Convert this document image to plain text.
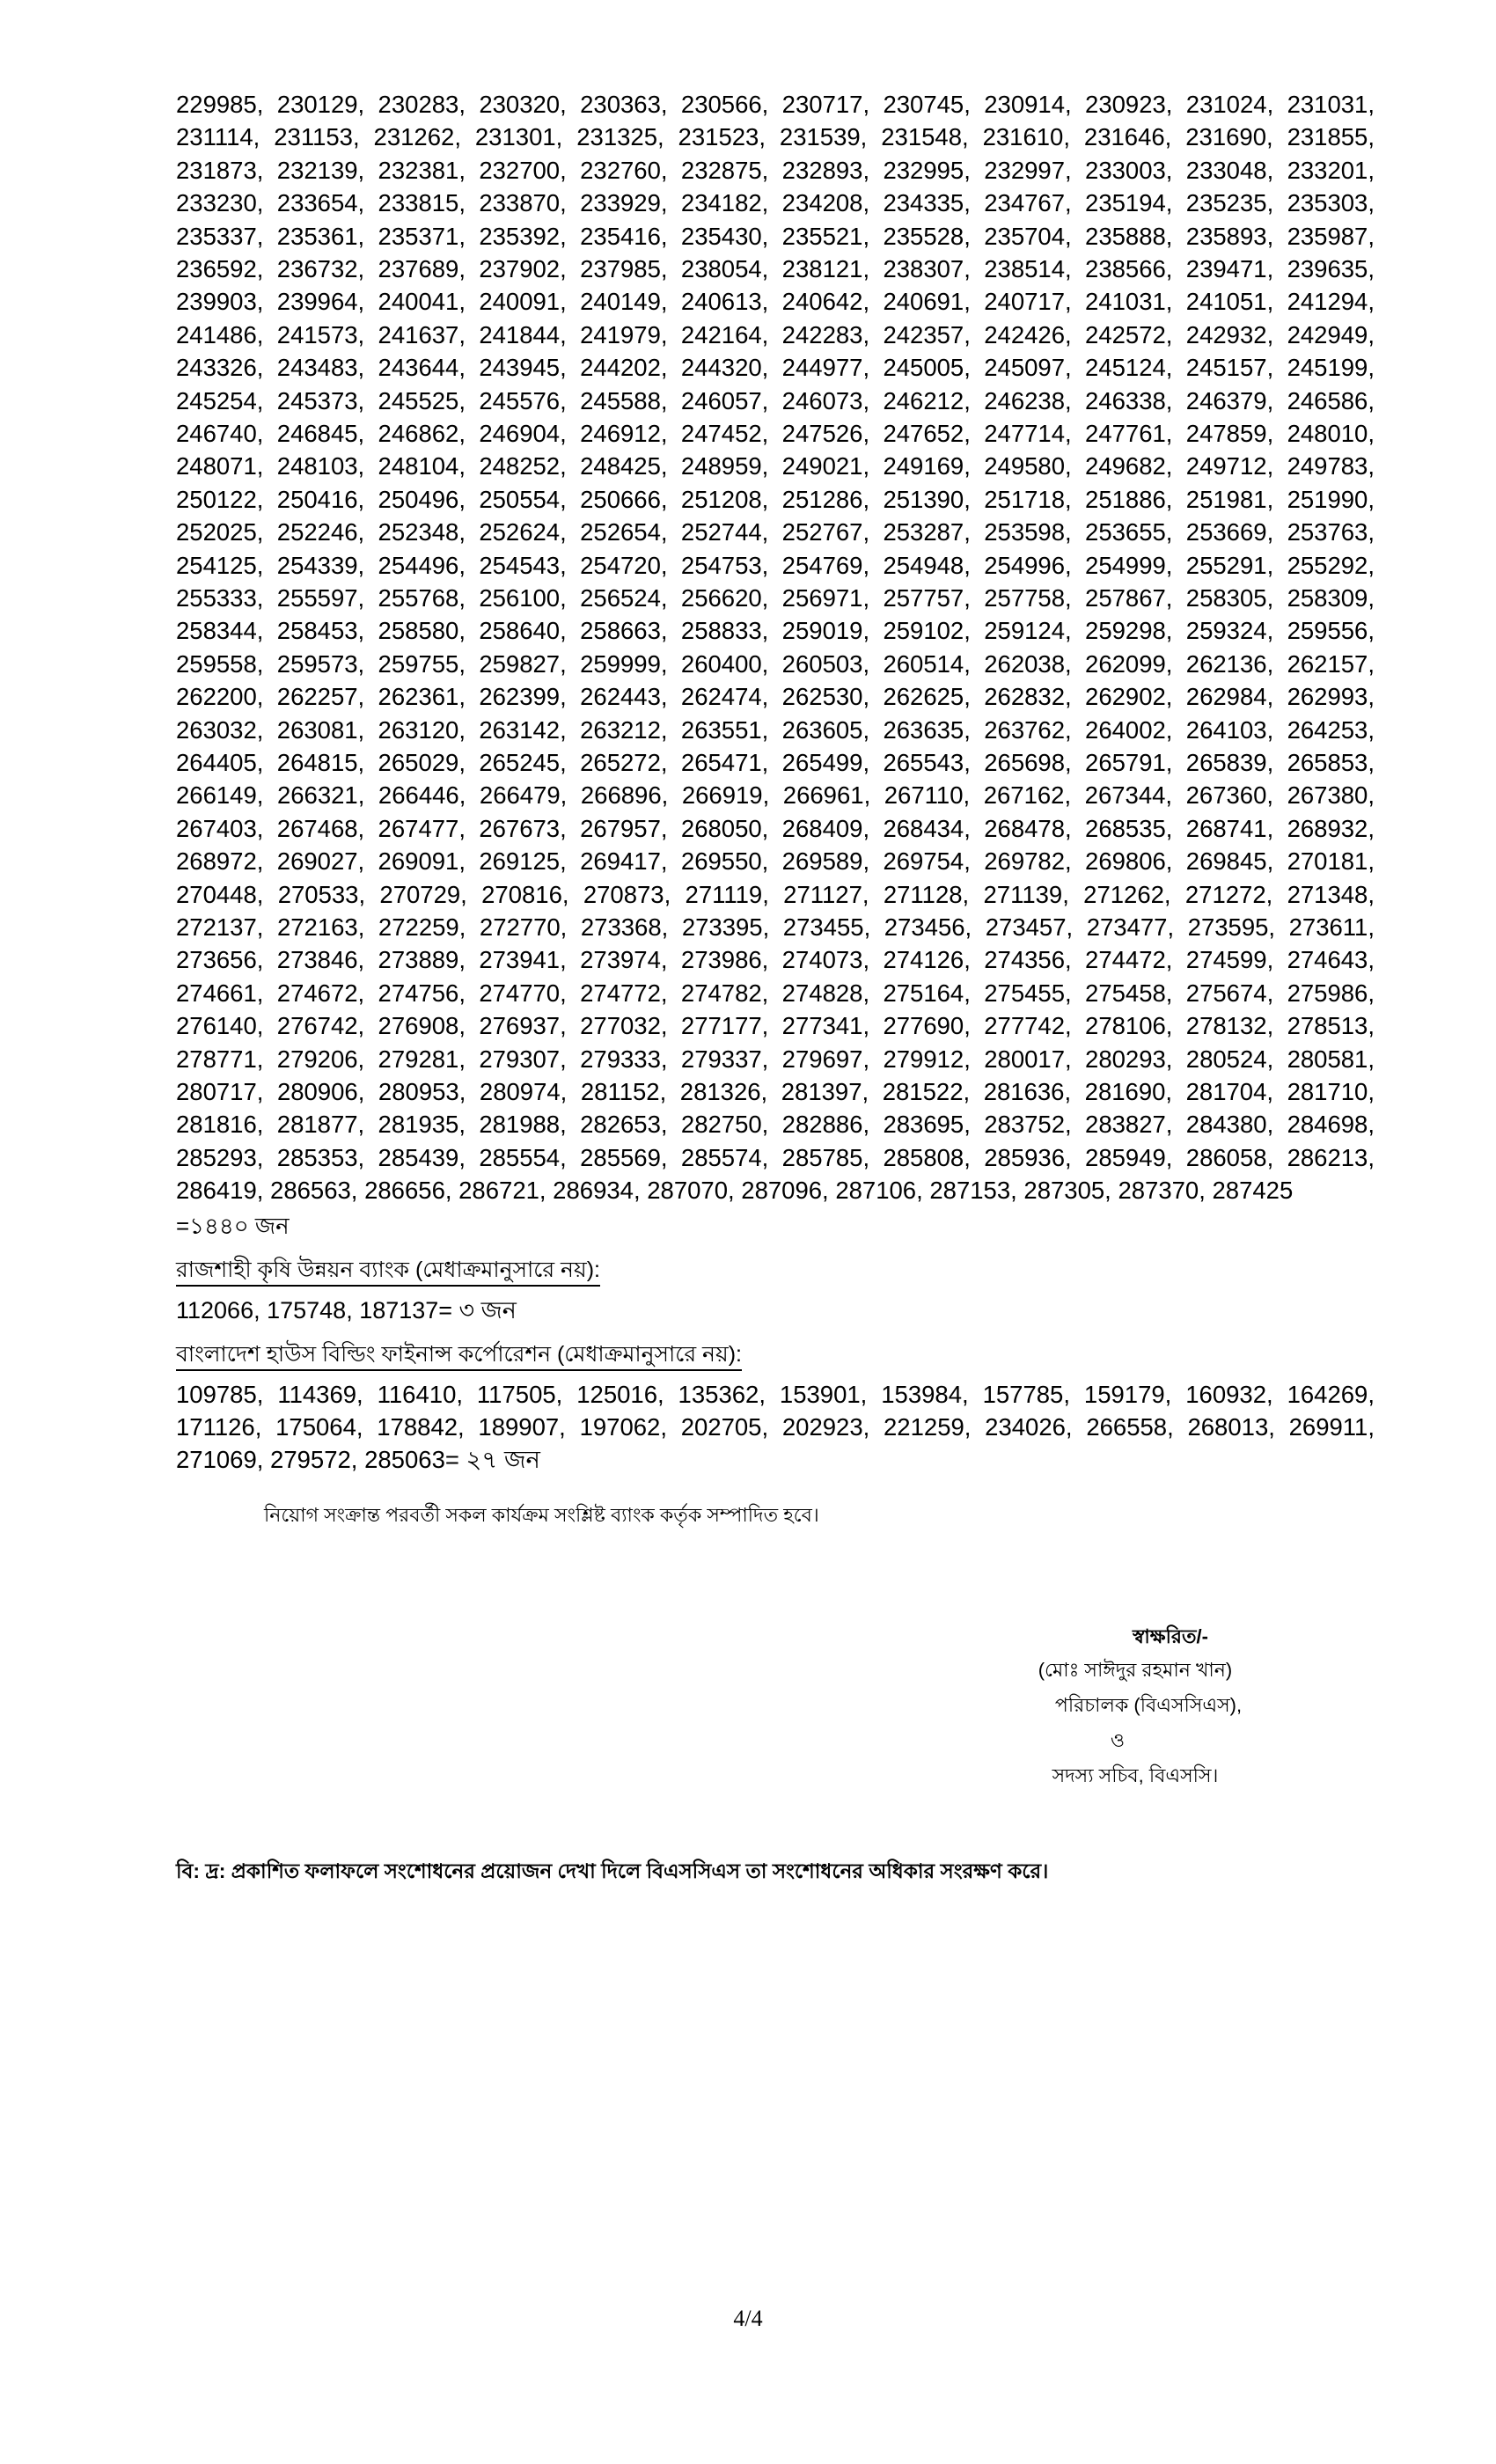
229985, 230129, 230283, 230320, 230363, 230566, 230717, 230745, 230914, 230923, 231024, 231031,
231114, 231153, 231262, 231301, 231325, 231523, 231539, 231548, 231610, 231646, 231690, 231855,
231873, 232139, 232381, 232700, 232760, 232875, 232893, 232995, 232997, 233003, 233048, 233201,
233230, 233654, 233815, 233870, 233929, 234182, 234208, 234335, 234767, 235194, 235235, 235303,
235337, 235361, 235371, 235392, 235416, 235430, 235521, 235528, 235704, 235888, 235893, 235987,
236592, 236732, 237689, 237902, 237985, 238054, 238121, 238307, 238514, 238566, 239471, 239635,
239903, 239964, 240041, 240091, 240149, 240613, 240642, 240691, 240717, 241031, 241051, 241294,
241486, 241573, 241637, 241844, 241979, 242164, 242283, 242357, 242426, 242572, 242932, 242949,
243326, 243483, 243644, 243945, 244202, 244320, 244977, 245005, 245097, 245124, 245157, 245199,
245254, 245373, 245525, 245576, 245588, 246057, 246073, 246212, 246238, 246338, 246379, 246586,
246740, 246845, 246862, 246904, 246912, 247452, 247526, 247652, 247714, 247761, 247859, 248010,
248071, 248103, 248104, 248252, 248425, 248959, 249021, 249169, 249580, 249682, 249712, 249783,
250122, 250416, 250496, 250554, 250666, 251208, 251286, 251390, 251718, 251886, 251981, 251990,
252025, 252246, 252348, 252624, 252654, 252744, 252767, 253287, 253598, 253655, 253669, 253763,
254125, 254339, 254496, 254543, 254720, 254753, 254769, 254948, 254996, 254999, 255291, 255292,
255333, 255597, 255768, 256100, 256524, 256620, 256971, 257757, 257758, 257867, 258305, 258309,
258344, 258453, 258580, 258640, 258663, 258833, 259019, 259102, 259124, 259298, 259324, 259556,
259558, 259573, 259755, 259827, 259999, 260400, 260503, 260514, 262038, 262099, 262136, 262157,
262200, 262257, 262361, 262399, 262443, 262474, 262530, 262625, 262832, 262902, 262984, 262993,
263032, 263081, 263120, 263142, 263212, 263551, 263605, 263635, 263762, 264002, 264103, 264253,
264405, 264815, 265029, 265245, 265272, 265471, 265499, 265543, 265698, 265791, 265839, 265853,
266149, 266321, 266446, 266479, 266896, 266919, 266961, 267110, 267162, 267344, 267360, 267380,
267403, 267468, 267477, 267673, 267957, 268050, 268409, 268434, 268478, 268535, 268741, 268932,
268972, 269027, 269091, 269125, 269417, 269550, 269589, 269754, 269782, 269806, 269845, 270181,
270448, 270533, 270729, 270816, 270873, 271119, 271127, 271128, 271139, 271262, 271272, 271348,
272137, 272163, 272259, 272770, 273368, 273395, 273455, 273456, 273457, 273477, 273595, 273611,
273656, 273846, 273889, 273941, 273974, 273986, 274073, 274126, 274356, 274472, 274599, 274643,
274661, 274672, 274756, 274770, 274772, 274782, 274828, 275164, 275455, 275458, 275674, 275986,
276140, 276742, 276908, 276937, 277032, 277177, 277341, 277690, 277742, 278106, 278132, 278513,
278771, 279206, 279281, 279307, 279333, 279337, 279697, 279912, 280017, 280293, 280524, 280581,
280717, 280906, 280953, 280974, 281152, 281326, 281397, 281522, 281636, 281690, 281704, 281710,
281816, 281877, 281935, 281988, 282653, 282750, 282886, 283695, 283752, 283827, 284380, 284698,
285293, 285353, 285439, 285554, 285569, 285574, 285785, 285808, 285936, 285949, 286058, 286213,
286419, 286563, 286656, 286721, 286934, 287070, 287096, 287106, 287153, 287305, 287370, 287425
=১৪৪০ জন
রাজশাহী কৃষি উন্নয়ন ব্যাংক (মেধাক্রমানুসারে নয়):
112066, 175748, 187137= ৩ জন
বাংলাদেশ হাউস বিল্ডিং ফাইনান্স কর্পোরেশন (মেধাক্রমানুসারে নয়):
109785, 114369, 116410, 117505, 125016, 135362, 153901, 153984, 157785, 159179, 160932, 164269,
171126, 175064, 178842, 189907, 197062, 202705, 202923, 221259, 234026, 266558, 268013, 269911,
271069, 279572, 285063= ২৭ জন
নিয়োগ সংক্রান্ত পরবর্তী সকল কার্যক্রম সংশ্লিষ্ট ব্যাংক কর্তৃক সম্পাদিত হবে।
স্বাক্ষরিত/-
(মোঃ সাঈদুর রহমান খান)
পরিচালক (বিএসসিএস),
ও
সদস্য সচিব, বিএসসি।
বি: দ্র: প্রকাশিত ফলাফলে সংশোধনের প্রয়োজন দেখা দিলে বিএসসিএস তা সংশোধনের অধিকার সংরক্ষণ করে।
4/4
